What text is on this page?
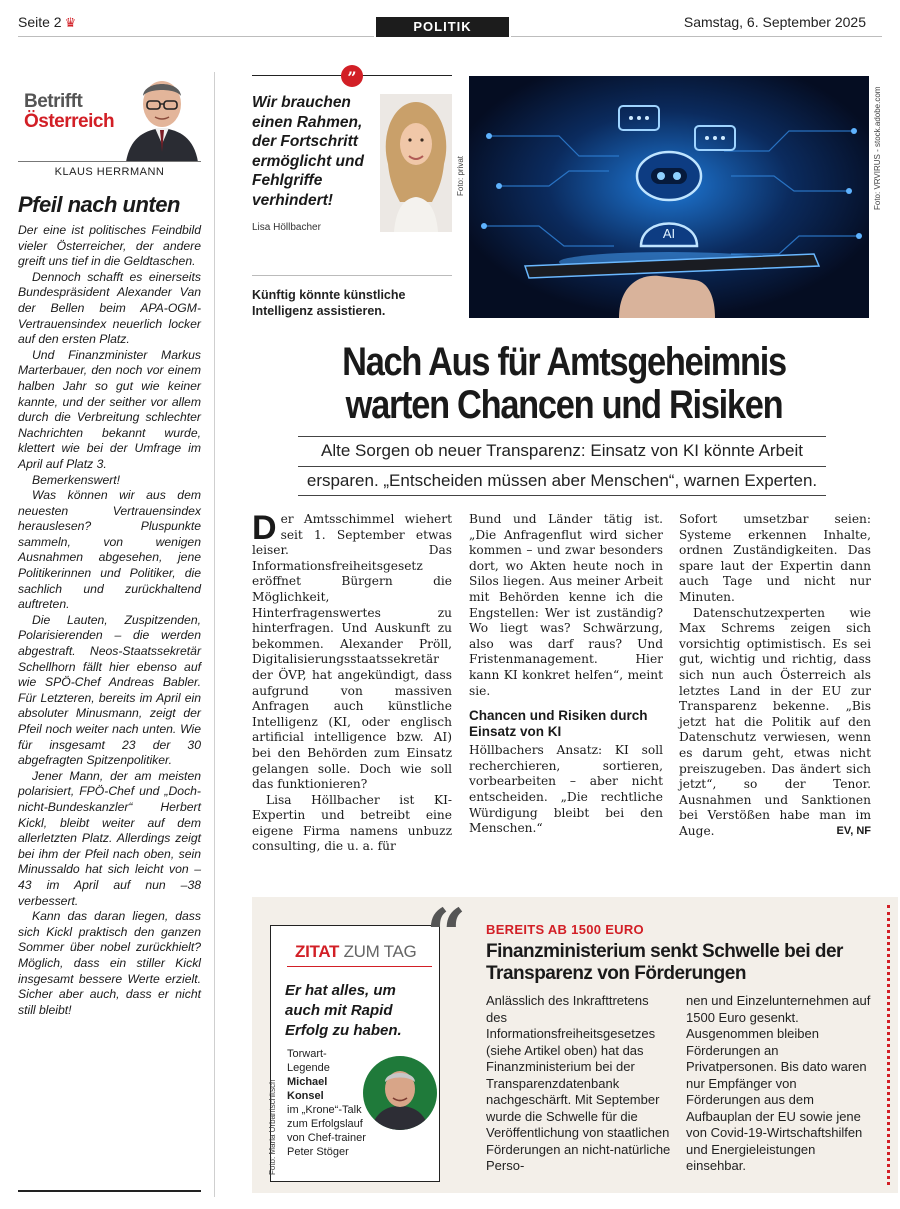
Seite 2 ♛	POLITIK	Samstag, 6. September 2025
Betrifft
Österreich
KLAUS HERRMANN
Pfeil nach unten

Der eine ist politisches Feindbild vieler Österreicher, der andere greift uns tief in die Geldtaschen.

Dennoch schafft es einerseits Bundespräsident Alexander Van der Bellen beim APA-OGM-Vertrauensindex neuerlich locker auf den ersten Platz.

Und Finanzminister Markus Marterbauer, den noch vor einem halben Jahr so gut wie keiner kannte, und der seither vor allem durch die Verbreitung schlechter Nachrichten bekannt wurde, klettert wie bei der Umfrage im April auf Platz 3.

Bemerkenswert!

Was können wir aus dem neuesten Vertrauensindex herauslesen? Pluspunkte sammeln, von wenigen Ausnahmen abgesehen, jene Politikerinnen und Politiker, die sachlich und zurückhaltend auftreten.

Die Lauten, Zuspitzenden, Polarisierenden – die werden abgestraft. Neos-Staatssekretär Schellhorn fällt hier ebenso auf wie SPÖ-Chef Andreas Babler. Für Letzteren, bereits im April ein absoluter Minusmann, zeigt der Pfeil noch weiter nach unten. Wie für insgesamt 23 der 30 abgefragten Spitzenpolitiker.

Jener Mann, der am meisten polarisiert, FPÖ-Chef und „Doch-nicht-Bundeskanzler“ Herbert Kickl, bleibt weiter auf dem allerletzten Platz. Allerdings zeigt bei ihm der Pfeil nach oben, sein Minussaldo hat sich leicht von –43 im April auf nun –38 verbessert.

Kann das daran liegen, dass sich Kickl praktisch den ganzen Sommer über nobel zurückhielt? Möglich, dass ein stiller Kickl insgesamt bessere Werte erzielt. Sicher aber auch, dass er nicht still bleibt!

”
Wir brauchen einen Rahmen, der Fortschritt ermöglicht und Fehlgriffe verhindert!
Lisa Höllbacher
Foto: privat
Künftig könnte künstliche Intelligenz assistieren.
AI
Foto: VRVIRUS - stock.adobe.com
Nach Aus für Amtsgeheimnis
warten Chancen und Risiken
Alte Sorgen ob neuer Transparenz: Einsatz von KI könnte Arbeit
ersparen. „Entscheiden müssen aber Menschen“, warnen Experten.

Der Amtsschimmel wiehert seit 1. September etwas leiser. Das Informationsfreiheitsgesetz eröffnet Bürgern die Möglichkeit, Hinterfragenswertes zu hinterfragen. Und Auskunft zu bekommen. Alexander Pröll, Digitalisierungsstaatssekretär der ÖVP, hat angekündigt, dass aufgrund von massiven Anfragen auch künstliche Intelligenz (KI, oder englisch artificial intelligence bzw. AI) bei den Behörden zum Einsatz gelangen solle. Doch wie soll das funktionieren?

Lisa Höllbacher ist KI-Expertin und betreibt eine eigene Firma namens unbuzz consulting, die u. a. für

Bund und Länder tätig ist. „Die Anfragenflut wird sicher kommen – und zwar besonders dort, wo Akten heute noch in Silos liegen. Aus meiner Arbeit mit Behörden kenne ich die Engstellen: Wer ist zuständig? Wo liegt was? Schwärzung, also was darf raus? Und Fristenmanagement. Hier kann KI konkret helfen“, meint sie.

Chancen und Risiken durch Einsatz von KI

Höllbachers Ansatz: KI soll recherchieren, sortieren, vorbearbeiten – aber nicht entscheiden. „Die rechtliche Würdigung bleibt bei den Menschen.“

Sofort umsetzbar seien: Systeme erkennen Inhalte, ordnen Zuständigkeiten. Das spare laut der Expertin dann auch Tage und nicht nur Minuten.

Datenschutzexperten wie Max Schrems zeigen sich vorsichtig optimistisch. Es sei gut, wichtig und richtig, dass sich nun auch Österreich als letztes Land in der EU zur Transparenz bekenne. „Bis jetzt hat die Politik auf den Datenschutz verwiesen, wenn es darum geht, etwas nicht preiszugeben. Das ändert sich jetzt“, so der Tenor. Ausnahmen und Sanktionen bei Verstößen habe man im Auge.	EV, NF

ZITAT ZUM TAG
Er hat alles, um auch mit Rapid Erfolg zu haben.
Torwart-Legende
Michael Konsel
im „Krone“-Talk zum Erfolgslauf von Chef-trainer Peter Stöger
“
Foto: Maria Urbantschitsch
BEREITS AB 1500 EURO
Finanzministerium senkt Schwelle bei der Transparenz von Förderungen
Anlässlich des Inkrafttretens des Informationsfreiheitsgesetzes (siehe Artikel oben) hat das Finanzministerium bei der Transparenzdatenbank nachgeschärft. Mit September wurde die Schwelle für die Veröffentlichung von staatlichen Förderungen an nicht-natürliche Perso-
nen und Einzelunternehmen auf 1500 Euro gesenkt. Ausgenommen bleiben Förderungen an Privatpersonen. Bis dato waren nur Empfänger von Förderungen aus dem Aufbauplan der EU sowie jene von Covid-19-Wirtschaftshilfen und Energieleistungen einsehbar.
